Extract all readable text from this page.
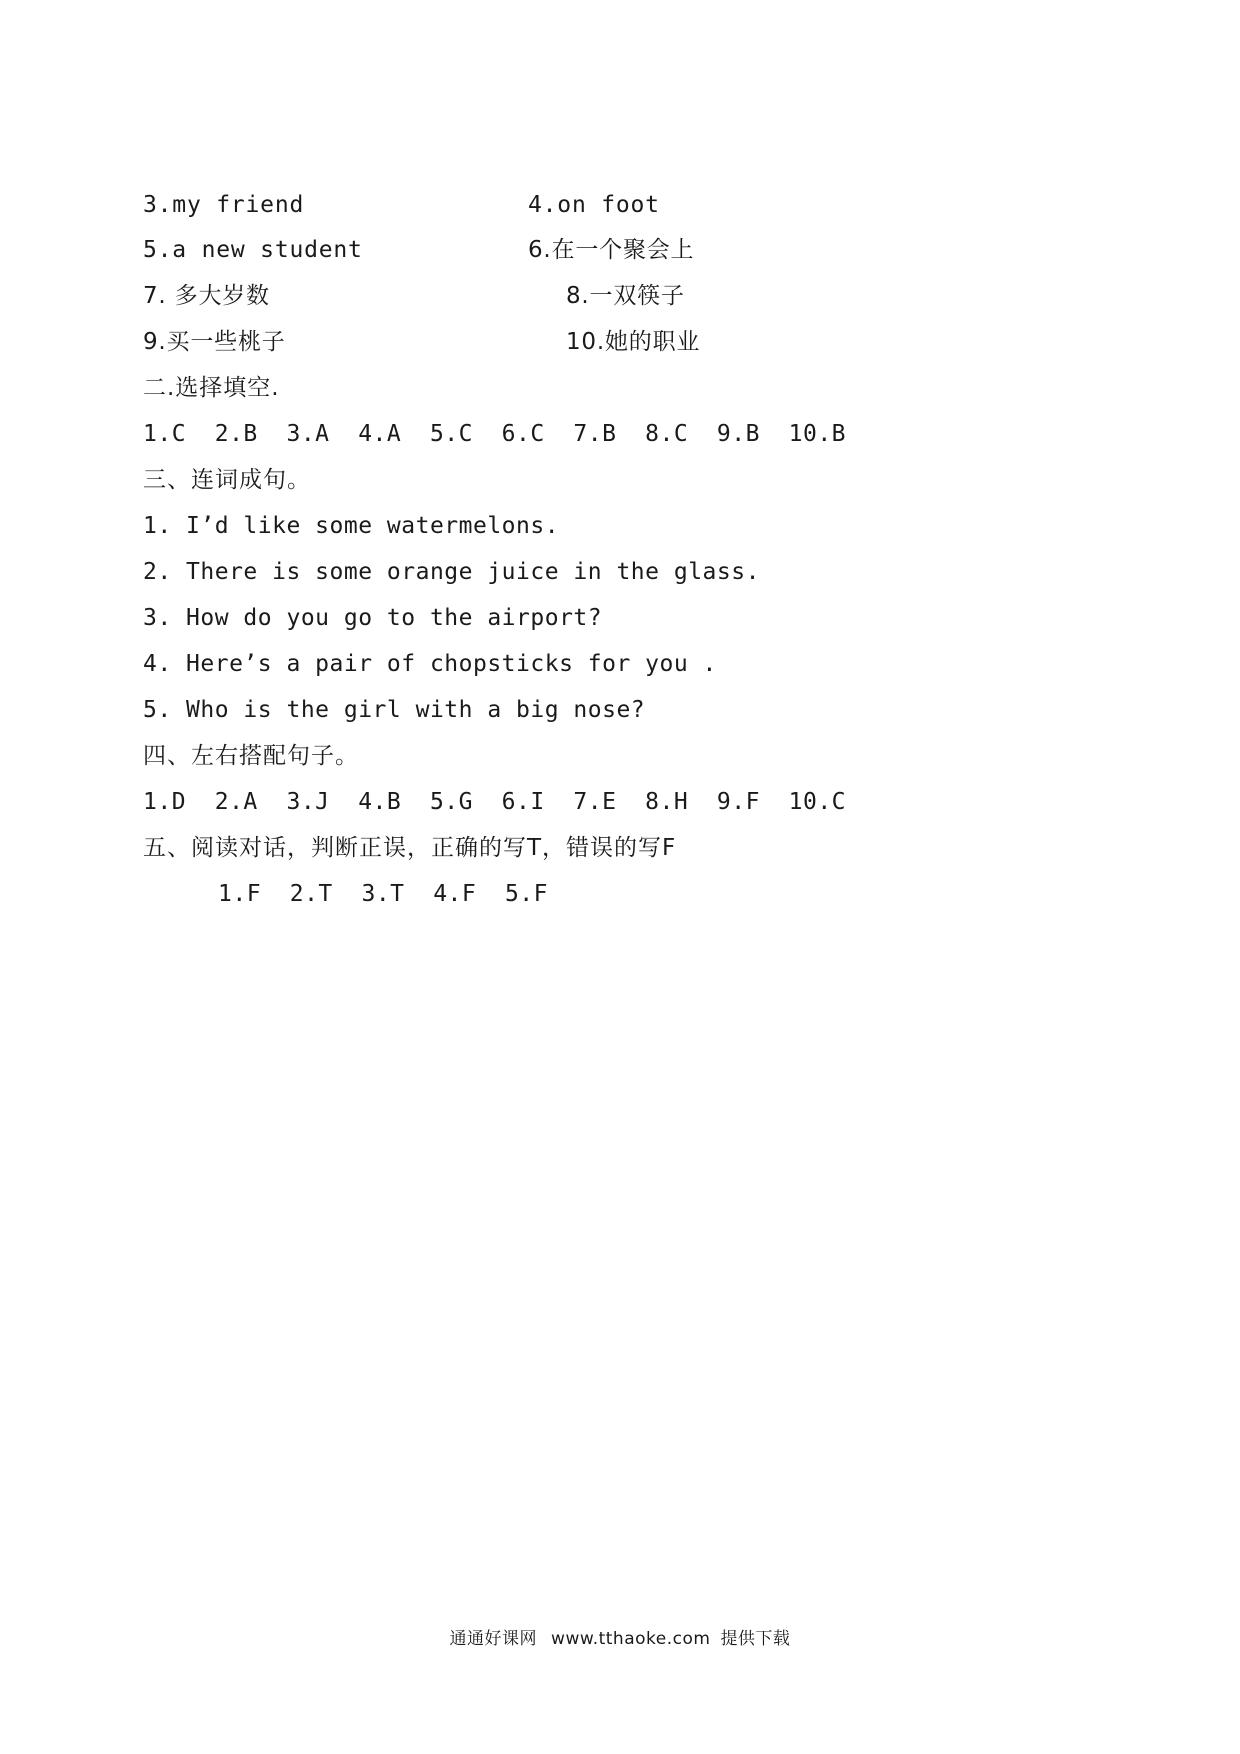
3.my friend	4.on foot
5.a new student	6.在一个聚会上
7. 多大岁数	8.一双筷子
9.买一些桃子	10.她的职业
二.选择填空.
1.C  2.B  3.A  4.A  5.C  6.C  7.B  8.C  9.B  10.B
三、连词成句。
1. I’d like some watermelons.
2. There is some orange juice in the glass.
3. How do you go to the airport?
4. Here’s a pair of chopsticks for you .
5. Who is the girl with a big nose?
四、左右搭配句子。
1.D  2.A  3.J  4.B  5.G  6.I  7.E  8.H  9.F  10.C
五、阅读对话，判断正误，正确的写T，错误的写F
1.F  2.T  3.T  4.F  5.F
通通好课网 www.tthaoke.com 提供下载
